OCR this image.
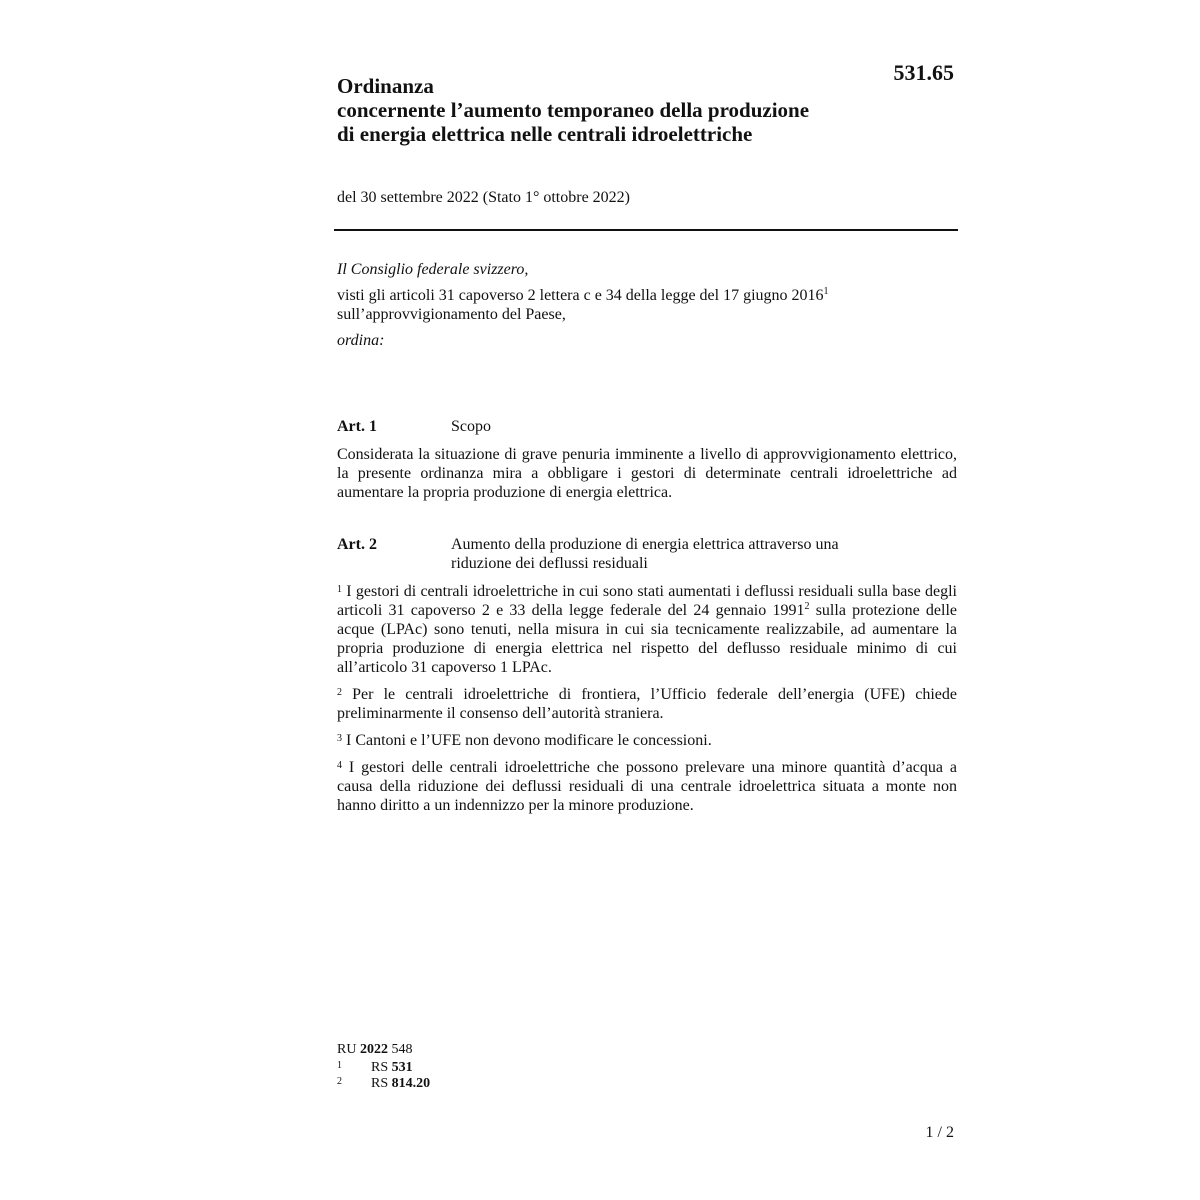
531.65

Ordinanza
concernente l’aumento temporaneo della produzione
di energia elettrica nelle centrali idroelettriche

del 30 settembre 2022 (Stato 1° ottobre 2022)

Il Consiglio federale svizzero,

visti gli articoli 31 capoverso 2 lettera c e 34 della legge del 17 giugno 2016$^1$
sull’approvvigionamento del Paese,

ordina:

Art. 1	Scopo

Considerata la situazione di grave penuria imminente a livello di approvvigionamento elettrico, la presente ordinanza mira a obbligare i gestori di determinate centrali idroelettriche ad aumentare la propria produzione di energia elettrica.

Art. 2	Aumento della produzione di energia elettrica attraverso una
riduzione dei deflussi residuali

$^1$ I gestori di centrali idroelettriche in cui sono stati aumentati i deflussi residuali sulla base degli articoli 31 capoverso 2 e 33 della legge federale del 24 gennaio 1991$^2$ sulla protezione delle acque (LPAc) sono tenuti, nella misura in cui sia tecnicamente realizzabile, ad aumentare la propria produzione di energia elettrica nel rispetto del deflusso residuale minimo di cui all’articolo 31 capoverso 1 LPAc.

$^2$ Per le centrali idroelettriche di frontiera, l’Ufficio federale dell’energia (UFE) chiede preliminarmente il consenso dell’autorità straniera.

$^3$ I Cantoni e l’UFE non devono modificare le concessioni.

$^4$ I gestori delle centrali idroelettriche che possono prelevare una minore quantità d’acqua a causa della riduzione dei deflussi residuali di una centrale idroelettrica situata a monte non hanno diritto a un indennizzo per la minore produzione.

RU 2022 548
1	RS 531
2	RS 814.20
1 / 2
